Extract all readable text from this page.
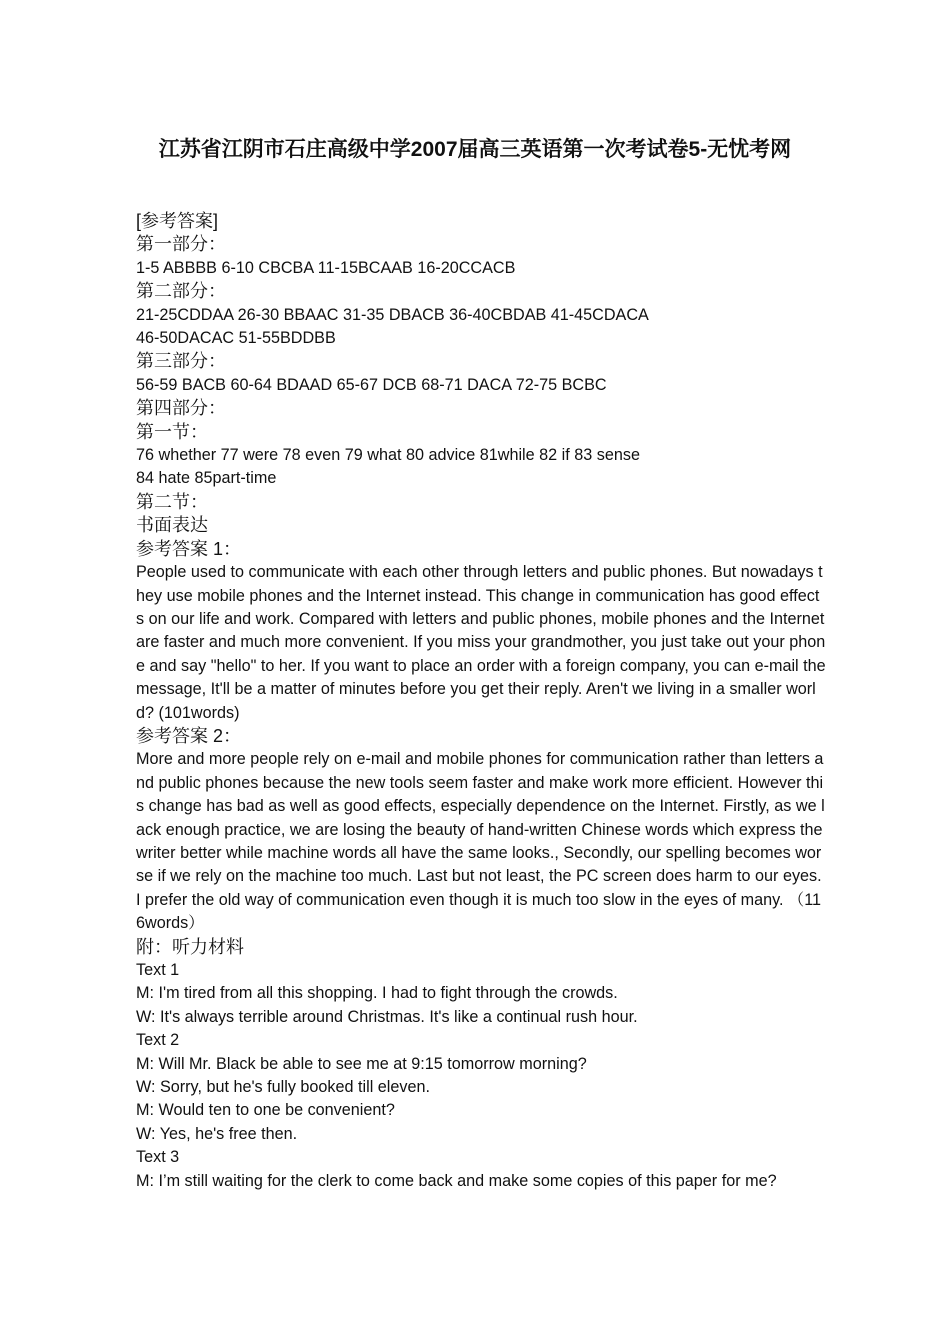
江苏省江阴市石庄高级中学2007届高三英语第一次考试卷5-无忧考网

[参考答案]

第一部分：

1-5 ABBBB 6-10 CBCBA 11-15BCAAB 16-20CCACB

第二部分：

21-25CDDAA 26-30 BBAAC 31-35 DBACB 36-40CBDAB 41-45CDACA

46-50DACAC 51-55BDDBB

第三部分：

56-59 BACB 60-64 BDAAD 65-67 DCB 68-71 DACA 72-75 BCBC

第四部分：

第一节：

76 whether 77 were 78 even 79 what 80 advice 81while 82 if 83 sense

84 hate 85part-time

第二节：

书面表达

参考答案 1：

People used to communicate with each other through letters and public phones. But nowadays they use mobile phones and the Internet instead. This change in communication has good effects on our life and work. Compared with letters and public phones, mobile phones and the Internet are faster and much more convenient. If you miss your grandmother, you just take out your phone and say "hello" to her. If you want to place an order with a foreign company, you can e-mail the message, It'll be a matter of minutes before you get their reply. Aren't we living in a smaller world? (101words)

参考答案 2：

More and more people rely on e-mail and mobile phones for communication rather than letters and public phones because the new tools seem faster and make work more efficient. However this change has bad as well as good effects, especially dependence on the Internet. Firstly, as we lack enough practice, we are losing the beauty of hand-written Chinese words which express the writer better while machine words all have the same looks., Secondly, our spelling becomes worse if we rely on the machine too much. Last but not least, the PC screen does harm to our eyes. I prefer the old way of communication even though it is much too slow in the eyes of many. （116words）

附：听力材料

Text 1

M: I'm tired from all this shopping. I had to fight through the crowds.

W: It's always terrible around Christmas. It's like a continual rush hour.

Text 2

M: Will Mr. Black be able to see me at 9:15 tomorrow morning?

W: Sorry, but he's fully booked till eleven.

M: Would ten to one be convenient?

W: Yes, he's free then.

Text 3

M: I’m still waiting for the clerk to come back and make some copies of this paper for me?
